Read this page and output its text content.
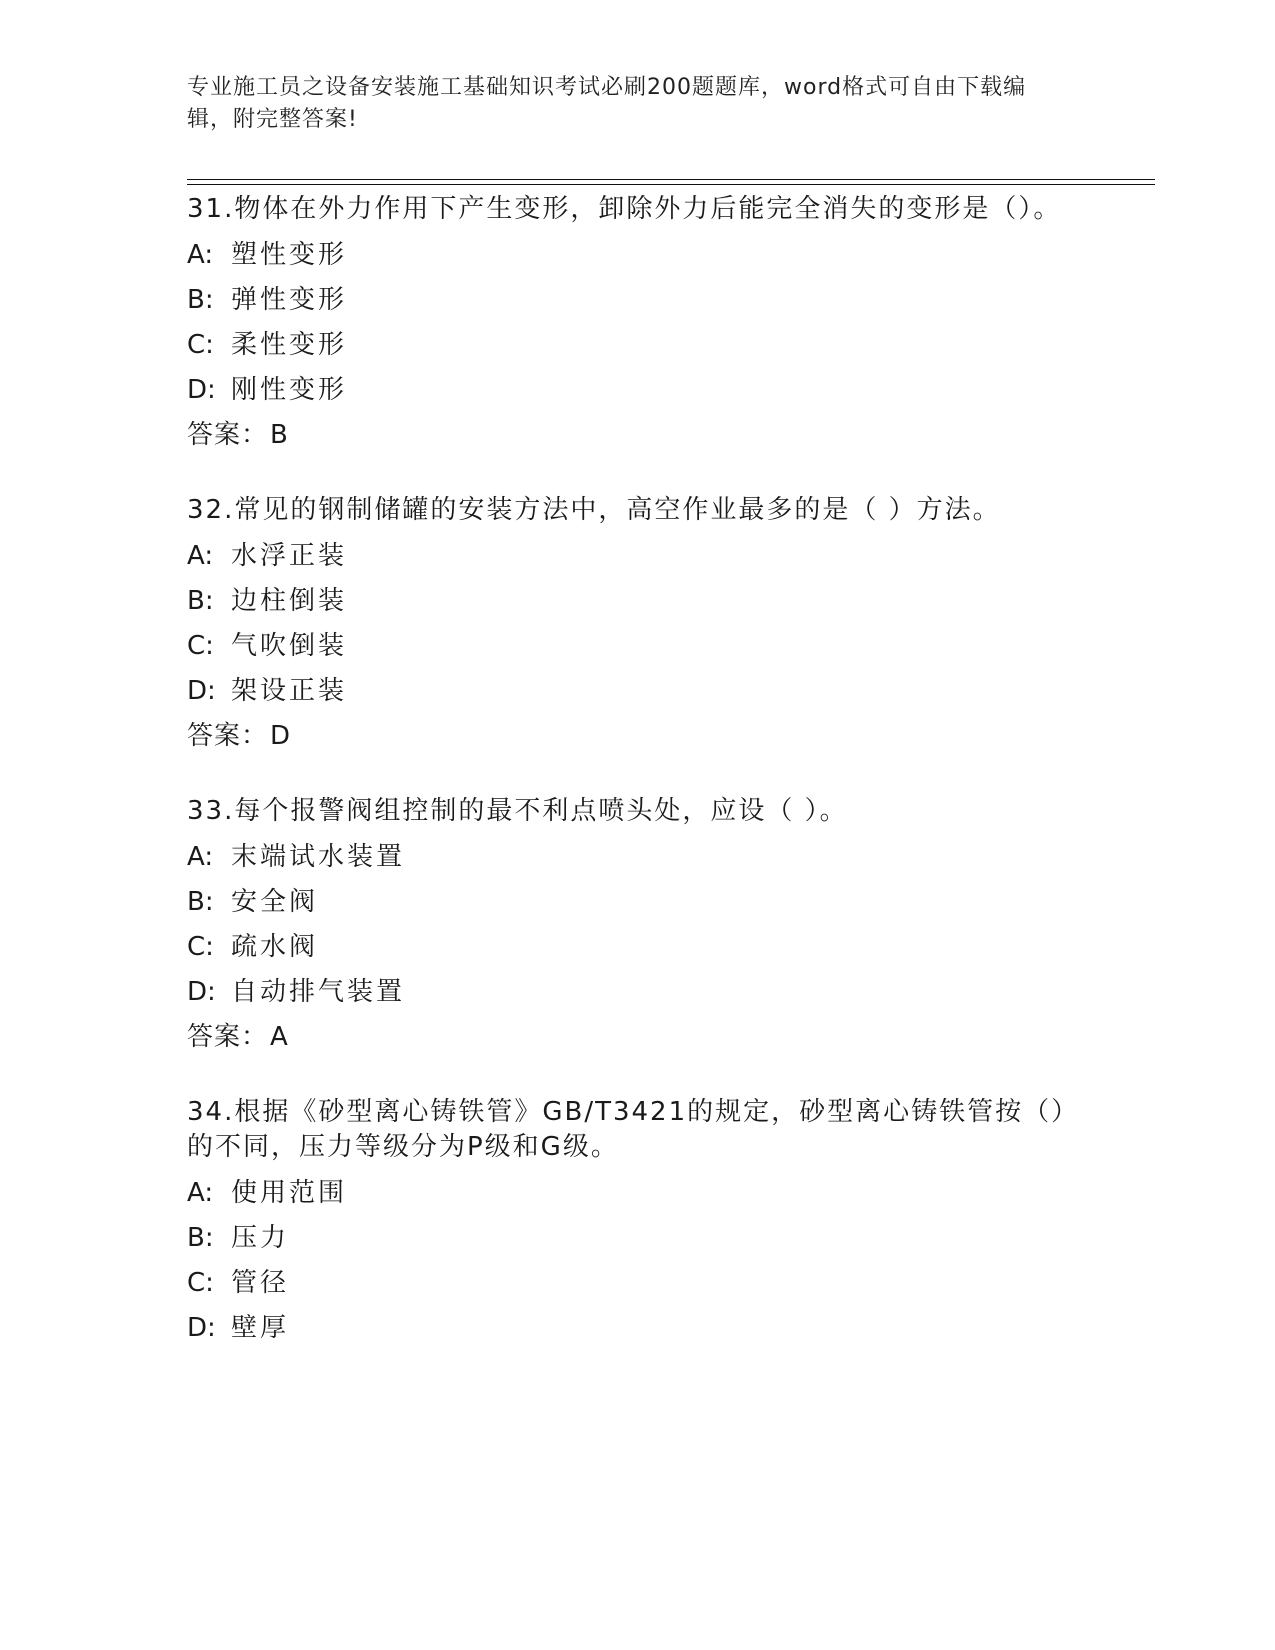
专业施工员之设备安装施工基础知识考试必刷200题题库，word格式可自由下载编辑，附完整答案!
31.物体在外力作用下产生变形，卸除外力后能完全消失的变形是（）。
A: 塑性变形
B: 弹性变形
C: 柔性变形
D: 刚性变形
答案：B
32.常见的钢制储罐的安装方法中，高空作业最多的是（ ）方法。
A: 水浮正装
B: 边柱倒装
C: 气吹倒装
D: 架设正装
答案：D
33.每个报警阀组控制的最不利点喷头处，应设（ ）。
A: 末端试水装置
B: 安全阀
C: 疏水阀
D: 自动排气装置
答案：A
34.根据《砂型离心铸铁管》GB/T3421的规定，砂型离心铸铁管按（）的不同，压力等级分为P级和G级。
A: 使用范围
B: 压力
C: 管径
D: 壁厚
